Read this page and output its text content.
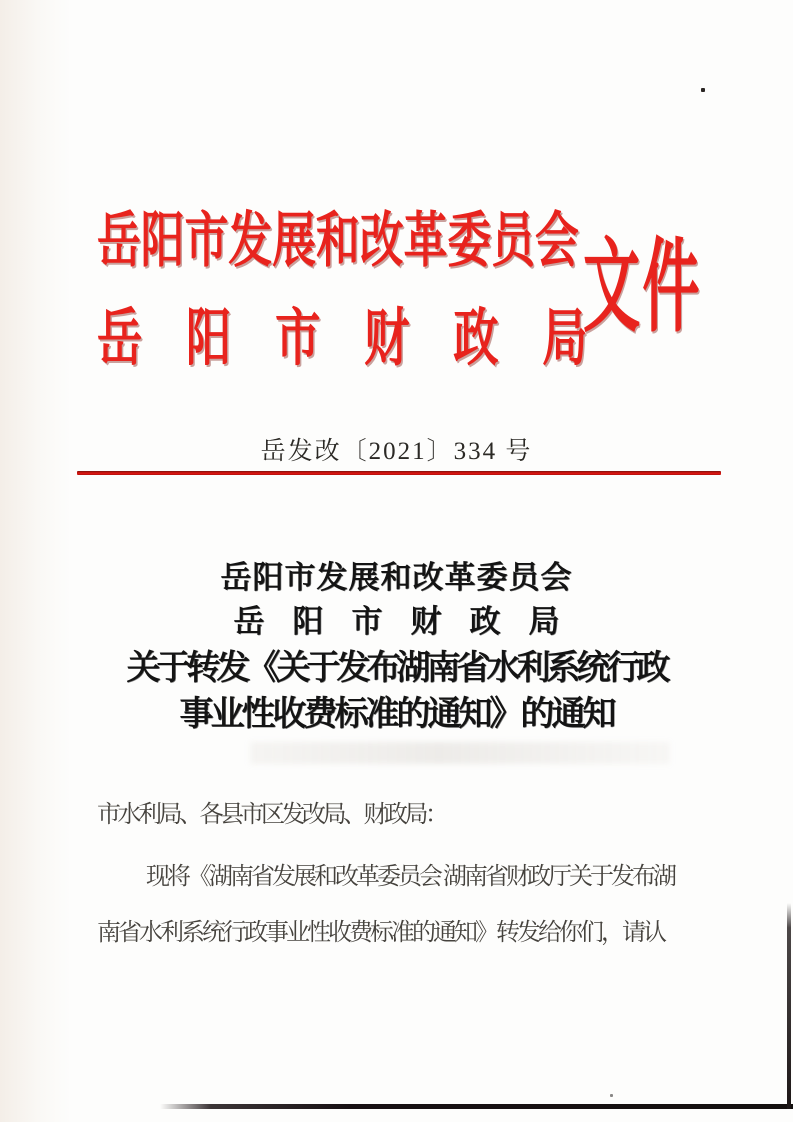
岳阳市发展和改革委员会
岳阳市财政局
文件
岳发改〔2021〕334 号
岳阳市发展和改革委员会
岳阳市财政局
关于转发《关于发布湖南省水利系统行政
事业性收费标准的通知》的通知
市水利局、各县市区发改局、财政局：
现将《湖南省发展和改革委员会 湖南省财政厅关于发布湖
南省水利系统行政事业性收费标准的通知》转发给你们，请认
